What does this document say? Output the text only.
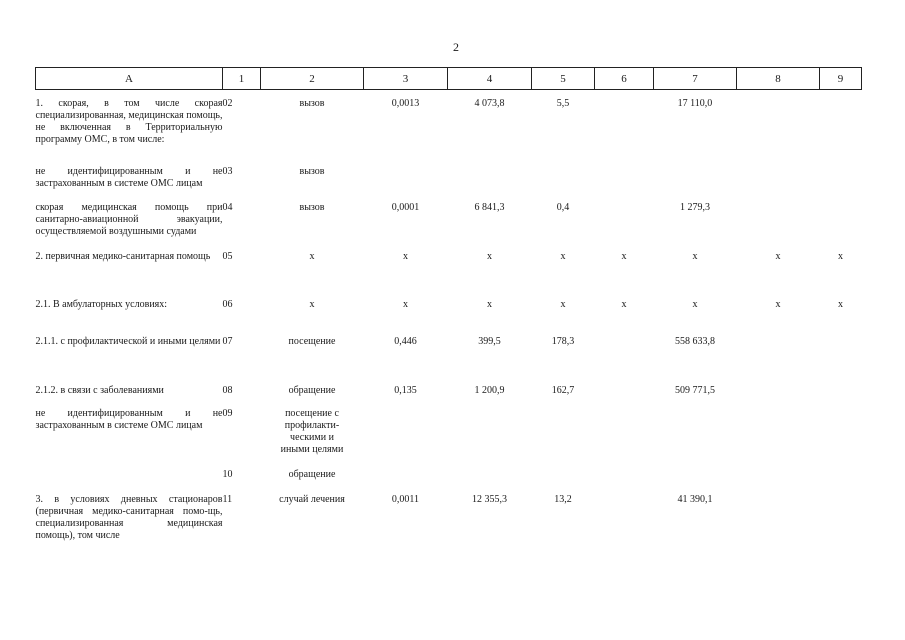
2
А	1	2	3	4	5	6	7	8	9
1. скорая, в том числе скорая специализированная, медицинская помощь, не включенная в Территориальную программу ОМС, в том числе:	02	вызов	0,0013	4 073,8	5,5		17 110,0		
не идентифицированным и не застрахованным в системе ОМС лицам	03	вызов							
скорая медицинская помощь при санитарно-авиационной эвакуации, осуществляемой воздушными судами	04	вызов	0,0001	6 841,3	0,4		1 279,3		
2. первичная медико-санитарная помощь	05	х	х	х	х	х	х	х	х
2.1. В амбулаторных условиях:	06	х	х	х	х	х	х	х	х
2.1.1. с профилактической и иными целями	07	посещение	0,446	399,5	178,3		558 633,8		
2.1.2. в связи с заболеваниями	08	обращение	0,135	1 200,9	162,7		509 771,5		
не идентифицированным и не застрахованным в системе ОМС лицам	09	посещение с профилакти-ческими и иными целями							
	10	обращение							
3. в условиях дневных стационаров (первичная медико-санитарная помо-щь, специализированная медицинская помощь), том числе	11	случай лечения	0,0011	12 355,3	13,2		41 390,1		
